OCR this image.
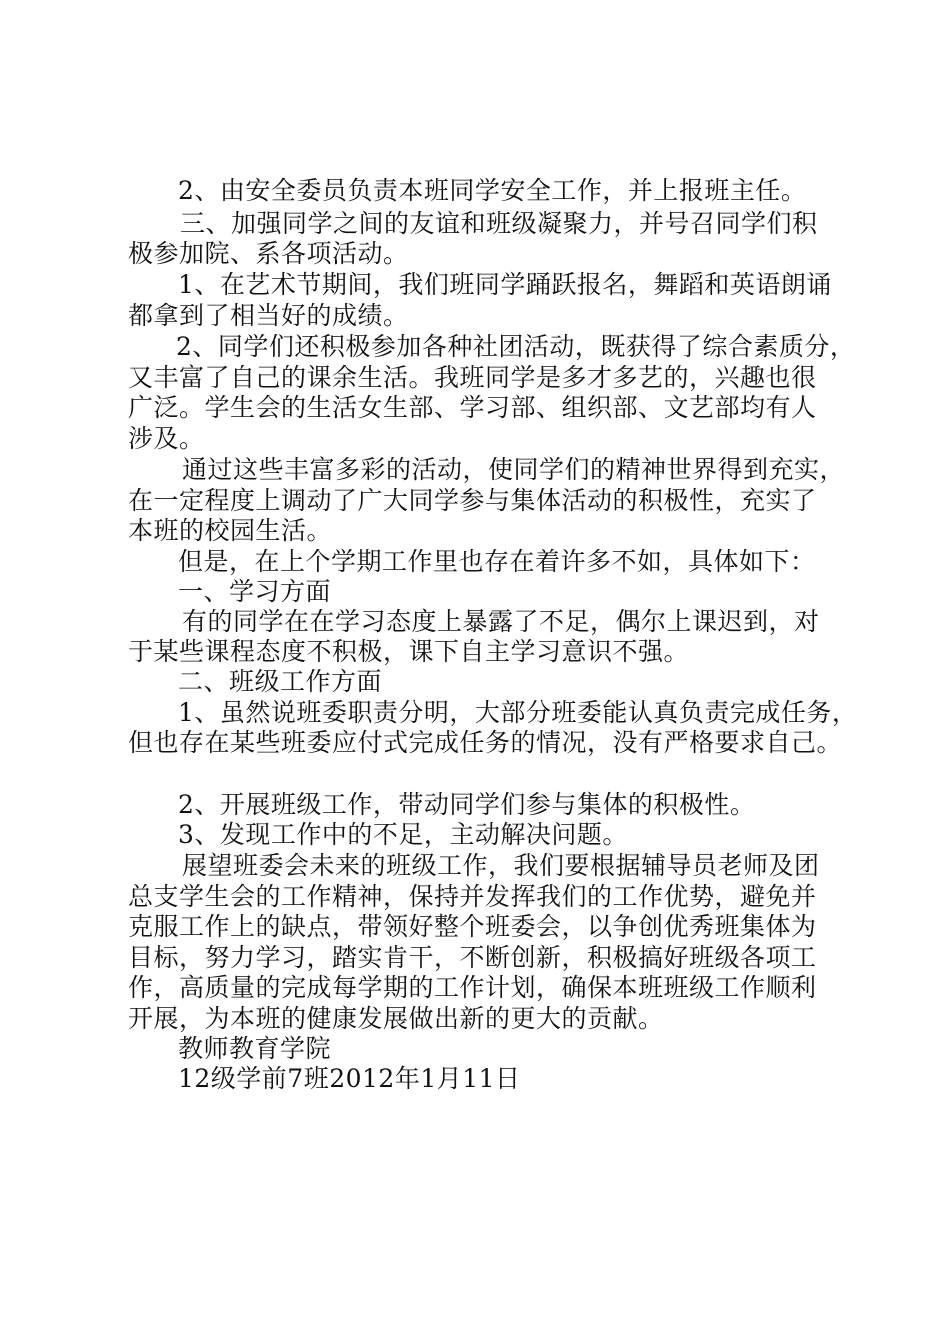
2、由安全委员负责本班同学安全工作，并上报班主任。
三、加强同学之间的友谊和班级凝聚力，并号召同学们积
极参加院、系各项活动。
1、在艺术节期间，我们班同学踊跃报名，舞蹈和英语朗诵
都拿到了相当好的成绩。
2、同学们还积极参加各种社团活动，既获得了综合素质分，
又丰富了自己的课余生活。我班同学是多才多艺的，兴趣也很
广泛。学生会的生活女生部、学习部、组织部、文艺部均有人
涉及。
通过这些丰富多彩的活动，使同学们的精神世界得到充实，
在一定程度上调动了广大同学参与集体活动的积极性，充实了
本班的校园生活。
但是，在上个学期工作里也存在着许多不如，具体如下：
一、学习方面
有的同学在在学习态度上暴露了不足，偶尔上课迟到，对
于某些课程态度不积极，课下自主学习意识不强。
二、班级工作方面
1、虽然说班委职责分明，大部分班委能认真负责完成任务，
但也存在某些班委应付式完成任务的情况，没有严格要求自己。
2、开展班级工作，带动同学们参与集体的积极性。
3、发现工作中的不足，主动解决问题。
展望班委会未来的班级工作，我们要根据辅导员老师及团
总支学生会的工作精神，保持并发挥我们的工作优势，避免并
克服工作上的缺点，带领好整个班委会，以争创优秀班集体为
目标，努力学习，踏实肯干，不断创新，积极搞好班级各项工
作，高质量的完成每学期的工作计划，确保本班班级工作顺利
开展，为本班的健康发展做出新的更大的贡献。
教师教育学院
12级学前7班2012年1月11日
